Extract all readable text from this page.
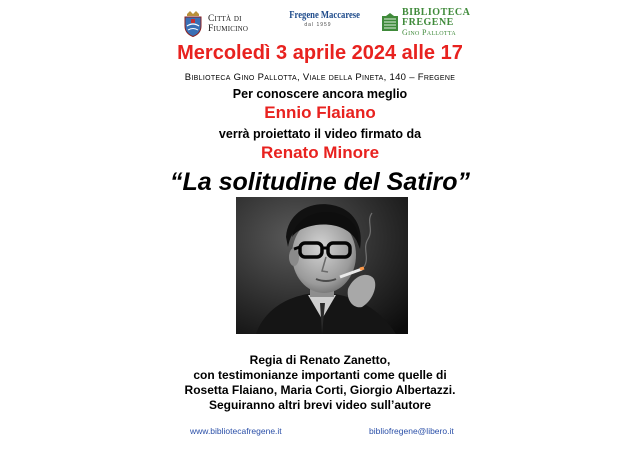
Città di
Fiumicino
Fregene Maccarese
dal 1959
BIBLIOTECA
FREGENE
Gino Pallotta
Mercoledì 3 aprile 2024 alle 17
Biblioteca Gino Pallotta, Viale della Pineta, 140 – Fregene
Per conoscere ancora meglio
Ennio Flaiano
verrà proiettato il video firmato da
Renato Minore
“La solitudine del Satiro”
Regia di Renato Zanetto,
con testimonianze importanti come quelle di
Rosetta Flaiano, Maria Corti, Giorgio Albertazzi.
Seguiranno altri brevi video sull’autore
www.bibliotecafregene.it	bibliofregene@libero.it
